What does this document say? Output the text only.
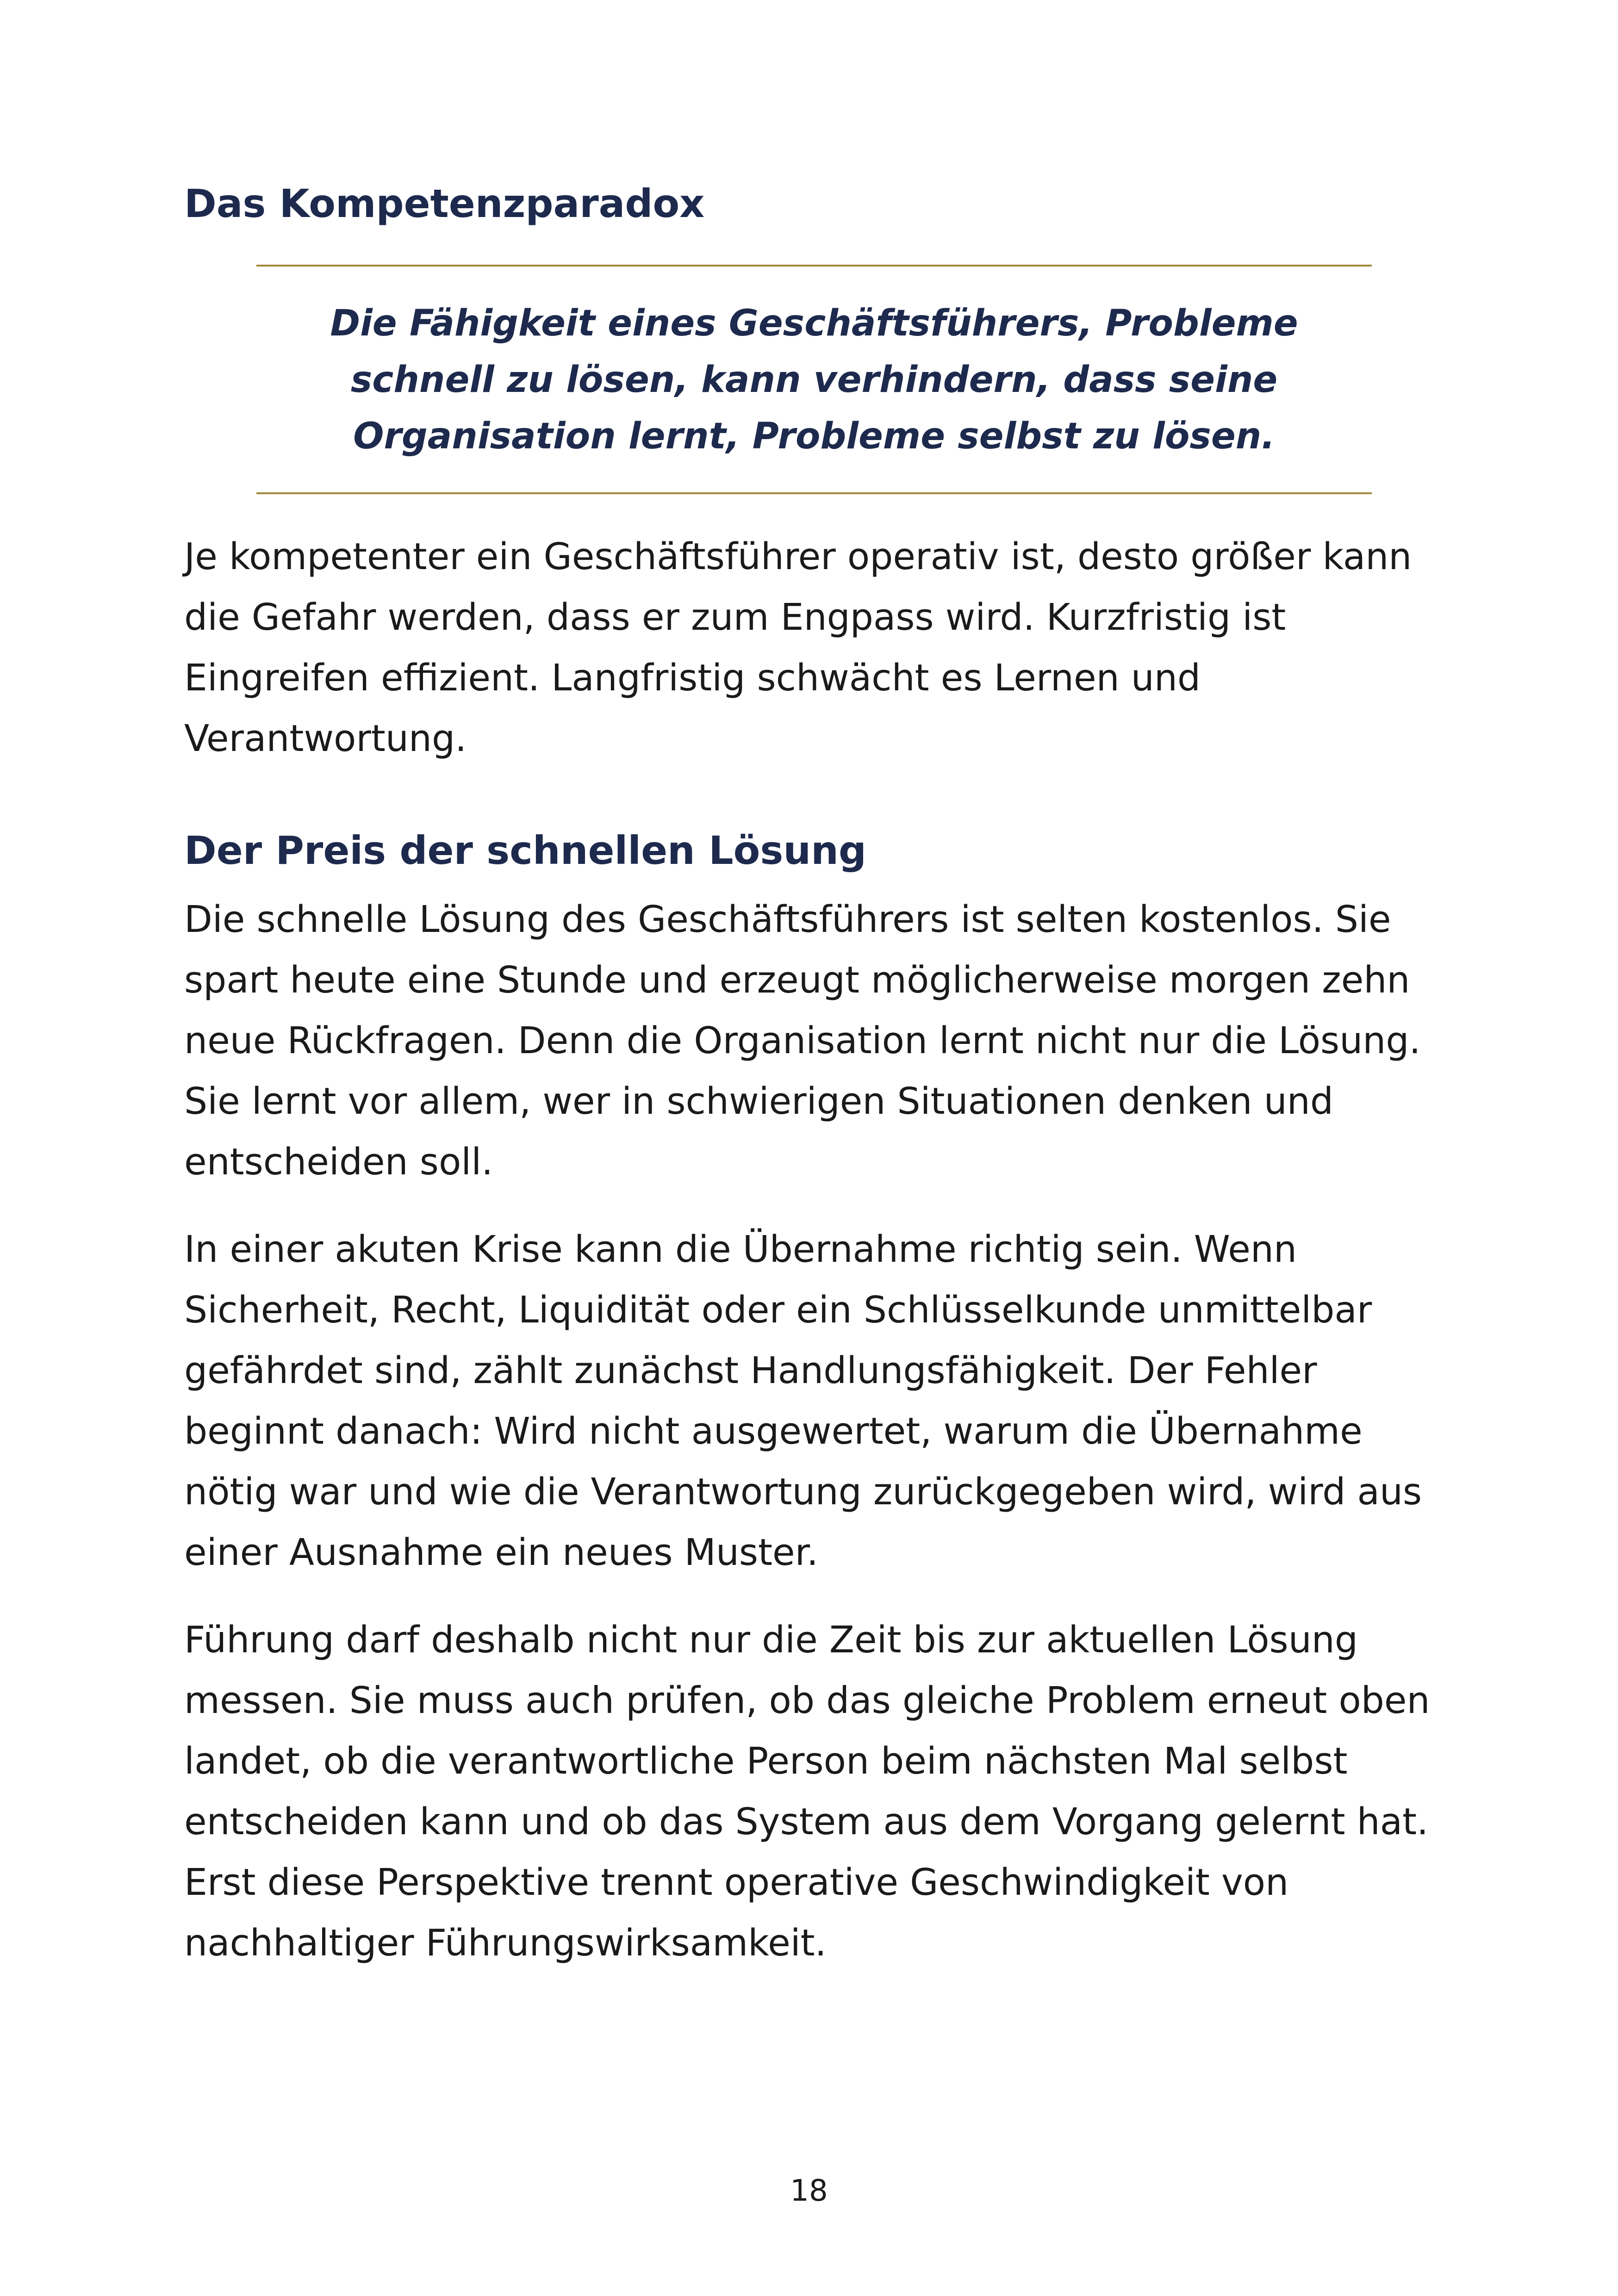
Das Kompetenzparadox

Die Fähigkeit eines Geschäftsführers, Probleme schnell zu lösen, kann verhindern, dass seine Organisation lernt, Probleme selbst zu lösen.

Je kompetenter ein Geschäftsführer operativ ist, desto größer kann die Gefahr werden, dass er zum Engpass wird. Kurzfristig ist Eingreifen effizient. Langfristig schwächt es Lernen und Verantwortung.

Der Preis der schnellen Lösung

Die schnelle Lösung des Geschäftsführers ist selten kostenlos. Sie spart heute eine Stunde und erzeugt möglicherweise morgen zehn neue Rückfragen. Denn die Organisation lernt nicht nur die Lösung. Sie lernt vor allem, wer in schwierigen Situationen denken und entscheiden soll.

In einer akuten Krise kann die Übernahme richtig sein. Wenn Sicherheit, Recht, Liquidität oder ein Schlüsselkunde unmittelbar gefährdet sind, zählt zunächst Handlungsfähigkeit. Der Fehler beginnt danach: Wird nicht ausgewertet, warum die Übernahme nötig war und wie die Verantwortung zurückgegeben wird, wird aus einer Ausnahme ein neues Muster.

Führung darf deshalb nicht nur die Zeit bis zur aktuellen Lösung messen. Sie muss auch prüfen, ob das gleiche Problem erneut oben landet, ob die verantwortliche Person beim nächsten Mal selbst entscheiden kann und ob das System aus dem Vorgang gelernt hat. Erst diese Perspektive trennt operative Geschwindigkeit von nachhaltiger Führungswirksamkeit.

18
